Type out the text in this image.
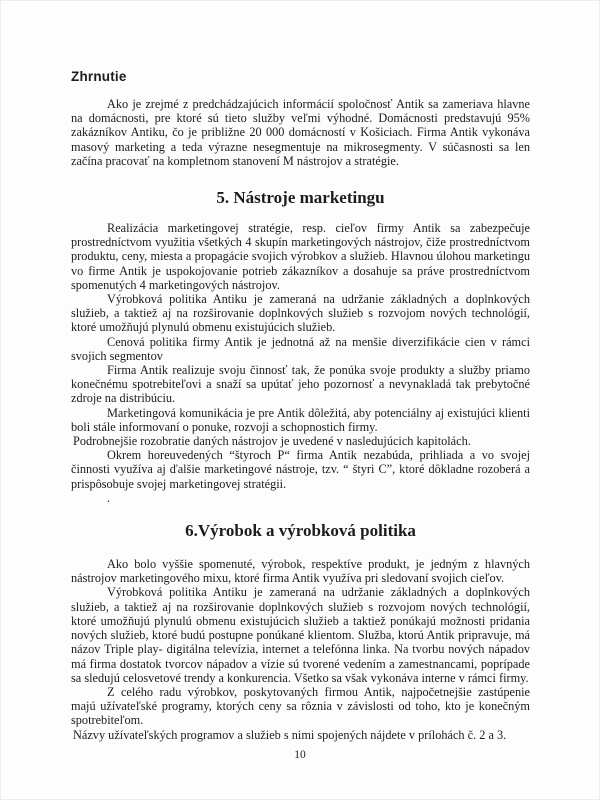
Zhrnutie

Ako je zrejmé z predchádzajúcich informácií spoločnosť Antik sa zameriava hlavne na domácnosti, pre ktoré sú tieto služby veľmi výhodné. Domácnosti predstavujú 95% zakázníkov Antiku, čo je približne 20 000 domácností v Košiciach. Firma Antik vykonáva masový marketing a teda výrazne nesegmentuje na mikrosegmenty. V súčasnosti sa len začína pracovať na kompletnom stanovení M nástrojov a stratégie.

5. Nástroje marketingu

Realizácia marketingovej stratégie, resp. cieľov firmy Antik sa zabezpečuje prostredníctvom využitia všetkých 4 skupín marketingových nástrojov, čiže prostredníctvom produktu, ceny, miesta a propagácie svojich výrobkov a služieb. Hlavnou úlohou marketingu vo firme Antik je uspokojovanie potrieb zákazníkov a dosahuje sa práve prostredníctvom spomenutých 4 marketingových nástrojov.

Výrobková politika Antiku je zameraná na udržanie základných a doplnkových služieb, a taktiež aj na rozširovanie doplnkových služieb s rozvojom nových technológií, ktoré umožňujú plynulú obmenu existujúcich služieb.

Cenová politika firmy Antik je jednotná až na menšie diverzifikácie cien v rámci svojich segmentov

Firma Antik realizuje svoju činnosť tak, že ponúka svoje produkty a služby priamo konečnému spotrebiteľovi a snaží sa upútať jeho pozornosť a nevynakladá tak prebytočné zdroje na distribúciu.

Marketingová komunikácia je pre Antik dôležitá, aby potenciálny aj existujúci klienti boli stále informovaní o ponuke, rozvoji a schopnostich firmy.

Podrobnejšie rozobratie daných nástrojov je uvedené v nasledujúcich kapitolách.

Okrem horeuvedených “štyroch P“ firma Antik nezabúda, prihliada a vo svojej činnosti využíva aj ďalšie marketingové nástroje, tzv. “ štyri C”, ktoré dôkladne rozoberá a prispôsobuje svojej marketingovej stratégii.

.

6.Výrobok a výrobková politika

Ako bolo vyššie spomenuté, výrobok, respektíve produkt, je jedným z hlavných nástrojov marketingového mixu, ktoré firma Antik využíva pri sledovaní svojich cieľov.

Výrobková politika Antiku je zameraná na udržanie základných a doplnkových služieb, a taktiež aj na rozširovanie doplnkových služieb s rozvojom nových technológií, ktoré umožňujú plynulú obmenu existujúcich služieb a taktiež ponúkajú možnosti pridania nových služieb, ktoré budú postupne ponúkané klientom. Služba, ktorú Antik pripravuje, má názov Triple play- digitálna televízia, internet a telefónna linka. Na tvorbu nových nápadov má firma dostatok tvorcov nápadov a vízie sú tvorené vedením a zamestnancami, poprípade sa sledujú celosvetové trendy a konkurencia. Všetko sa však vykonáva interne v rámci firmy.

Z celého radu výrobkov, poskytovaných firmou Antik, najpočetnejšie zastúpenie majú užívateľské programy, ktorých ceny sa rôznia v závislosti od toho, kto je konečným spotrebiteľom.

Názvy užívateľských programov a služieb s nimi spojených nájdete v prílohách č. 2 a 3.

10
